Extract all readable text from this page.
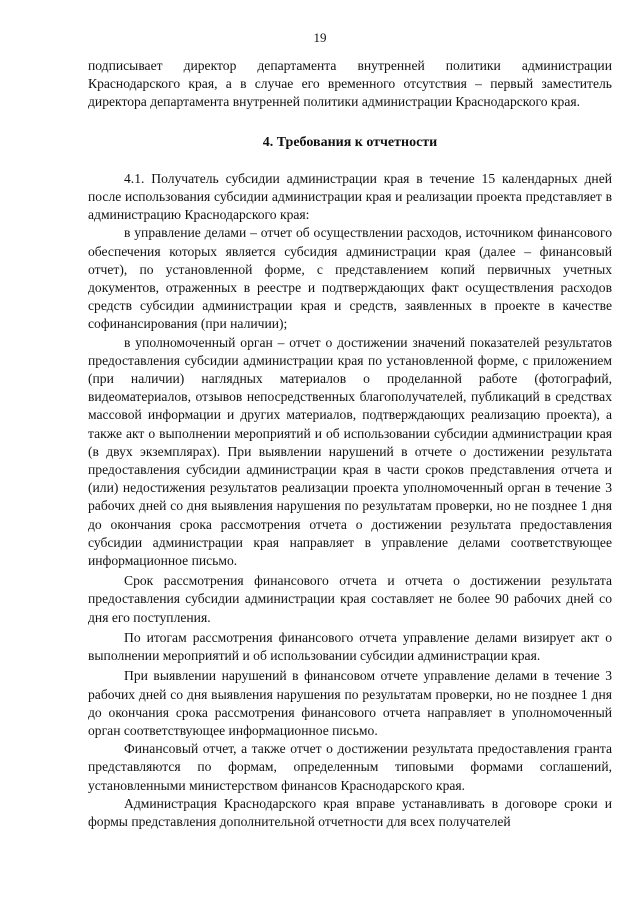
19

подписывает директор департамента внутренней политики администрации Краснодарского края, а в случае его временного отсутствия – первый заместитель директора департамента внутренней политики администрации Краснодарского края.

4. Требования к отчетности

4.1. Получатель субсидии администрации края в течение 15 календарных дней после использования субсидии администрации края и реализации проекта представляет в администрацию Краснодарского края:

в управление делами – отчет об осуществлении расходов, источником финансового обеспечения которых является субсидия администрации края (далее – финансовый отчет), по установленной форме, с представлением копий первичных учетных документов, отраженных в реестре и подтверждающих факт осуществления расходов средств субсидии администрации края и средств, заявленных в проекте в качестве софинансирования (при наличии);

в уполномоченный орган – отчет о достижении значений показателей результатов предоставления субсидии администрации края по установленной форме, с приложением (при наличии) наглядных материалов о проделанной работе (фотографий, видеоматериалов, отзывов непосредственных благополучателей, публикаций в средствах массовой информации и других материалов, подтверждающих реализацию проекта), а также акт о выполнении мероприятий и об использовании субсидии администрации края (в двух экземплярах). При выявлении нарушений в отчете о достижении результата предоставления субсидии администрации края в части сроков представления отчета и (или) недостижения результатов реализации проекта уполномоченный орган в течение 3 рабочих дней со дня выявления нарушения по результатам проверки, но не позднее 1 дня до окончания срока рассмотрения отчета о достижении результата предоставления субсидии администрации края направляет в управление делами соответствующее информационное письмо.

Срок рассмотрения финансового отчета и отчета о достижении результата предоставления субсидии администрации края составляет не более 90 рабочих дней со дня его поступления.

По итогам рассмотрения финансового отчета управление делами визирует акт о выполнении мероприятий и об использовании субсидии администрации края.

При выявлении нарушений в финансовом отчете управление делами в течение 3 рабочих дней со дня выявления нарушения по результатам проверки, но не позднее 1 дня до окончания срока рассмотрения финансового отчета направляет в уполномоченный орган соответствующее информационное письмо.

Финансовый отчет, а также отчет о достижении результата предоставления гранта представляются по формам, определенным типовыми формами соглашений, установленными министерством финансов Краснодарского края.

Администрация Краснодарского края вправе устанавливать в договоре сроки и формы представления дополнительной отчетности для всех получателей
